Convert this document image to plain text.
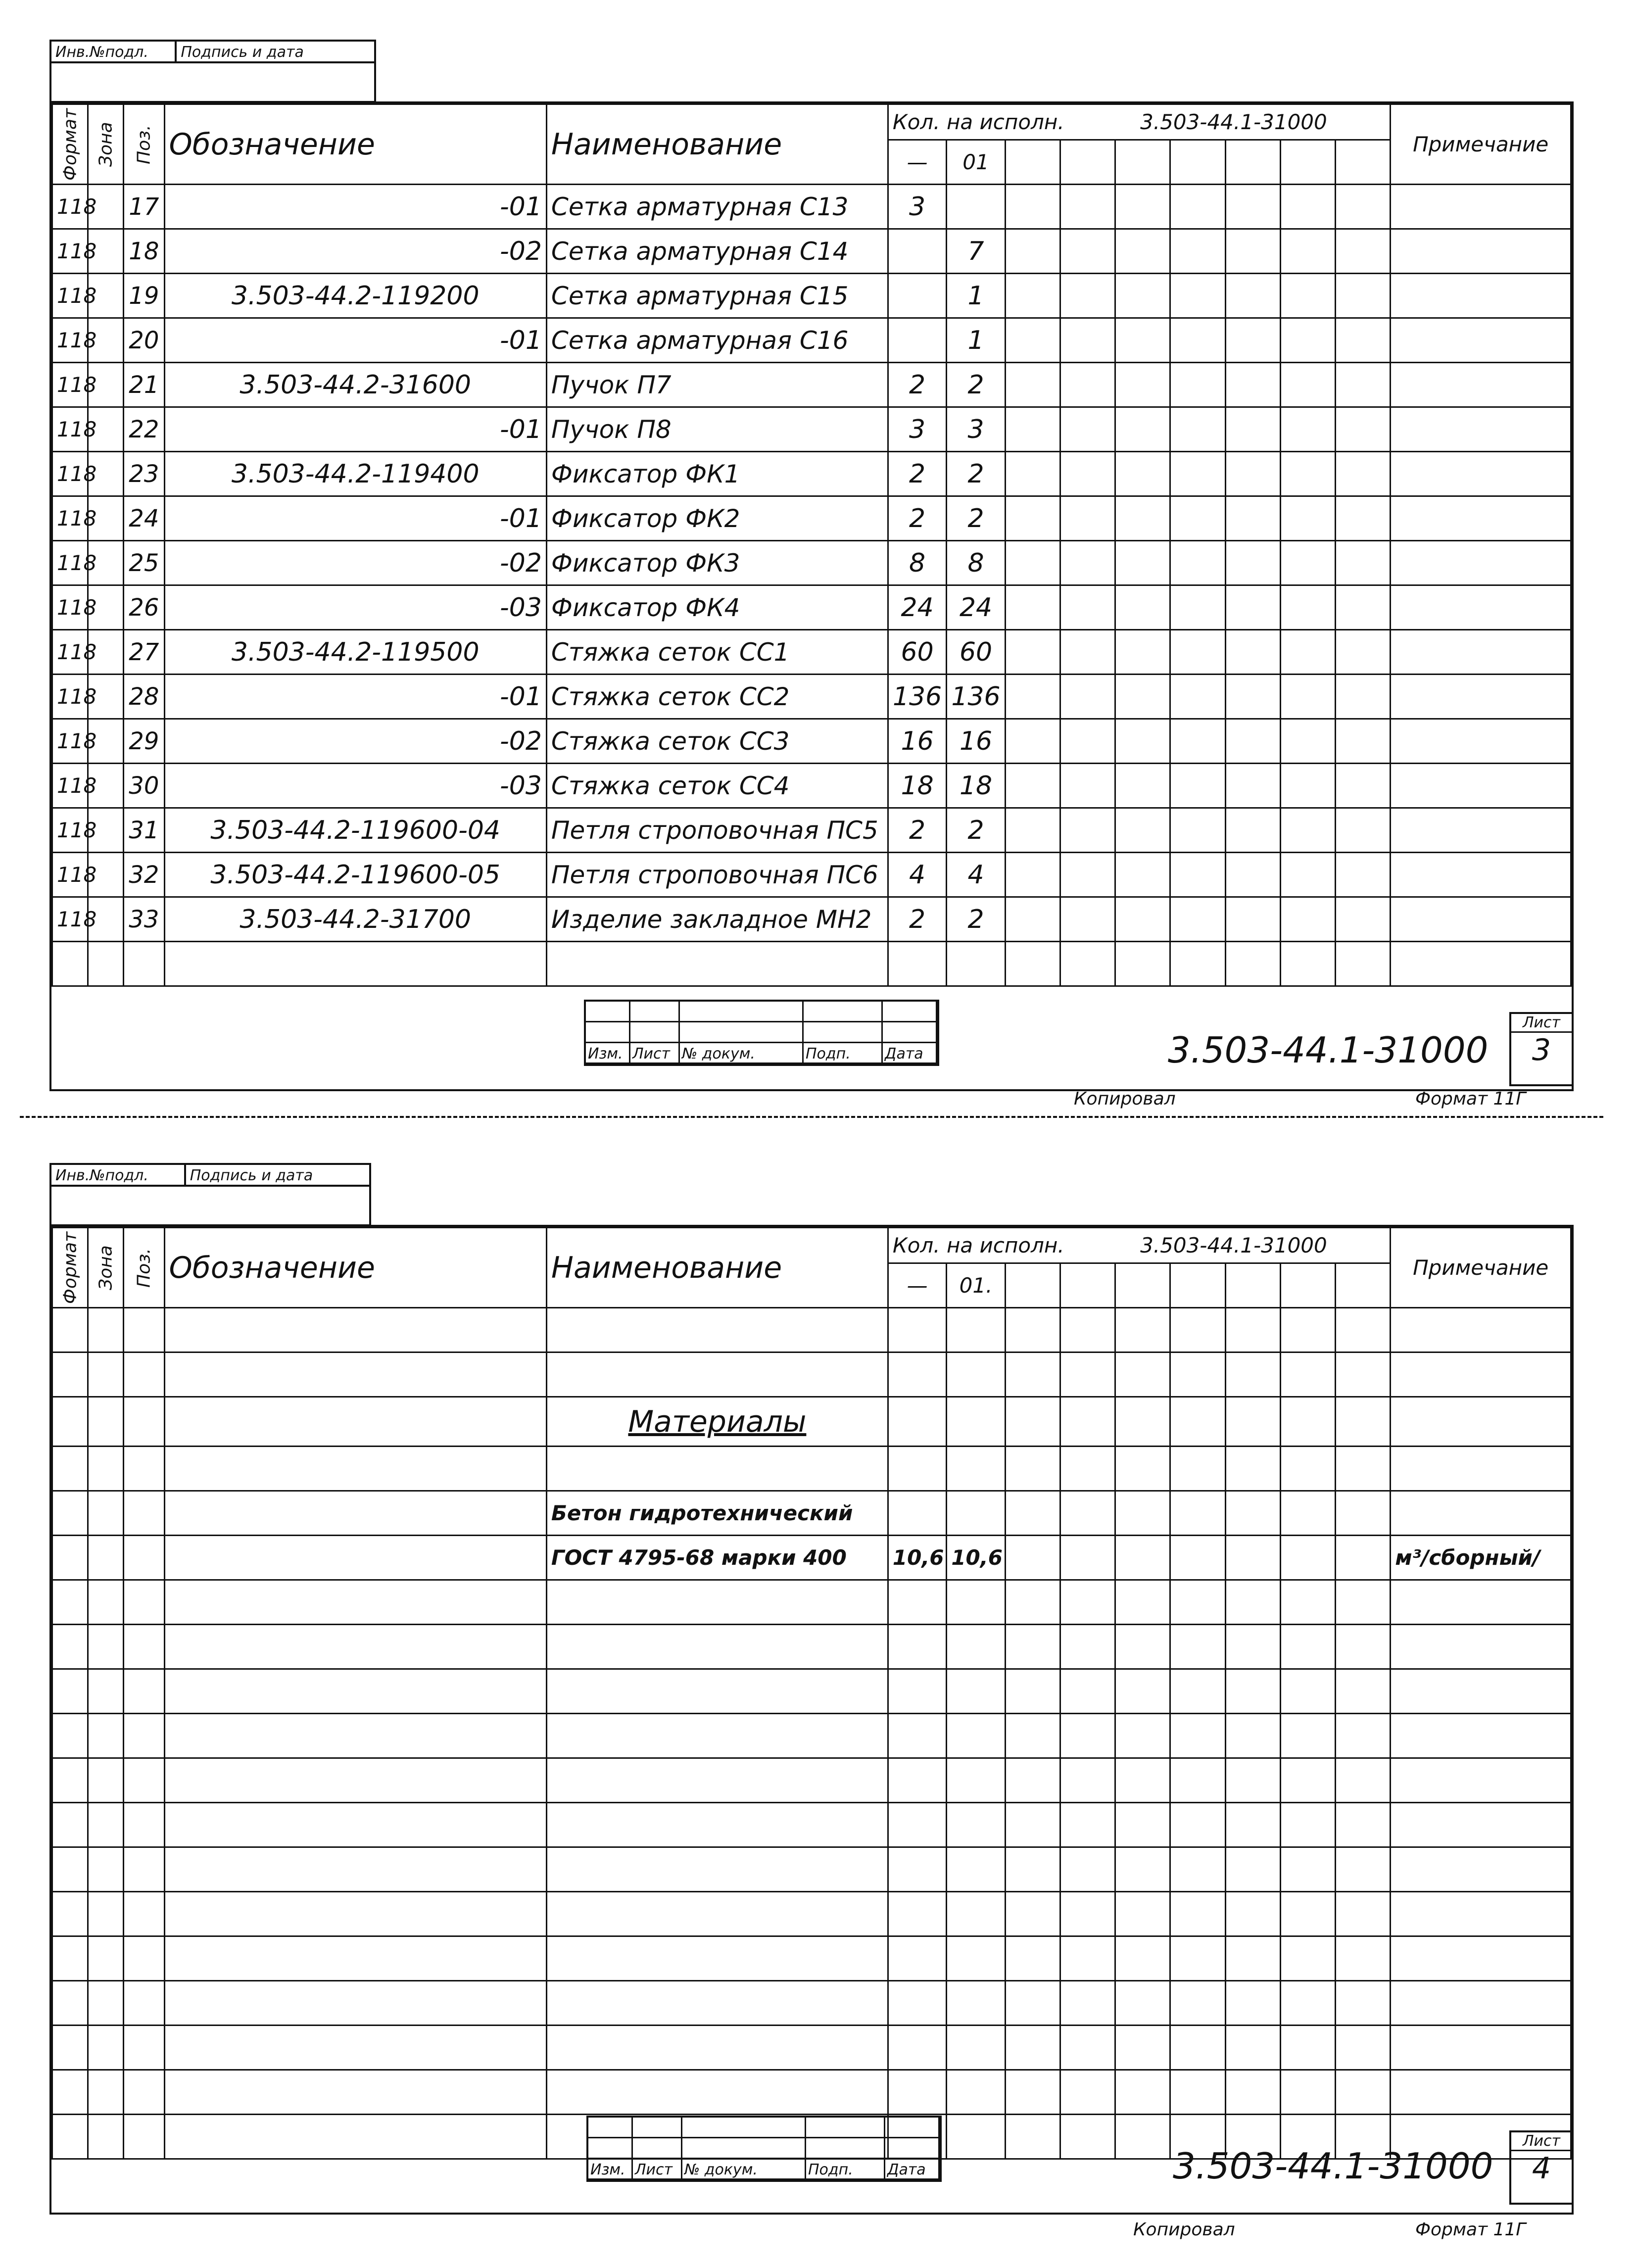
Инв.№подл.	Подпись и дата
Формат	Зона	Поз.	Обозначение	Наименование	Кол. на исполн. 3.503-44.1-31000									Примечание
					—	01								
118		17	-01	Сетка арматурная С13	3									
118		18	-02	Сетка арматурная С14		7								
118		19	3.503-44.2-119200	Сетка арматурная С15		1								
118		20	-01	Сетка арматурная С16		1								
118		21	3.503-44.2-31600	Пучок П7	2	2								
118		22	-01	Пучок П8	3	3								
118		23	3.503-44.2-119400	Фиксатор ФК1	2	2								
118		24	-01	Фиксатор ФК2	2	2								
118		25	-02	Фиксатор ФК3	8	8								
118		26	-03	Фиксатор ФК4	24	24								
118		27	3.503-44.2-119500	Стяжка сеток СС1	60	60								
118		28	-01	Стяжка сеток СС2	136	136								
118		29	-02	Стяжка сеток СС3	16	16								
118		30	-03	Стяжка сеток СС4	18	18								
118		31	3.503-44.2-119600-04	Петля строповочная ПС5	2	2								
118		32	3.503-44.2-119600-05	Петля строповочная ПС6	4	4								
118		33	3.503-44.2-31700	Изделие закладное МН2	2	2								

Изм. Лист № докум.	Подп.	Дата	3.503-44.1-31000
Лист
3
Копировал	Формат 11Г
Инв.№подл.	Подпись и дата
Формат	Зона	Поз.	Обозначение	Наименование	Кол. на исполн. 3.503-44.1-31000									Примечание
					—	01.								

				Материалы										

				Бетон гидротехнический										
				ГОСТ 4795-68 марки 400	10,6	10,6								м³/сборный/

Изм. Лист № докум.	Подп.	Дата	3.503-44.1-31000
Лист
4
Копировал	Формат 11Г
